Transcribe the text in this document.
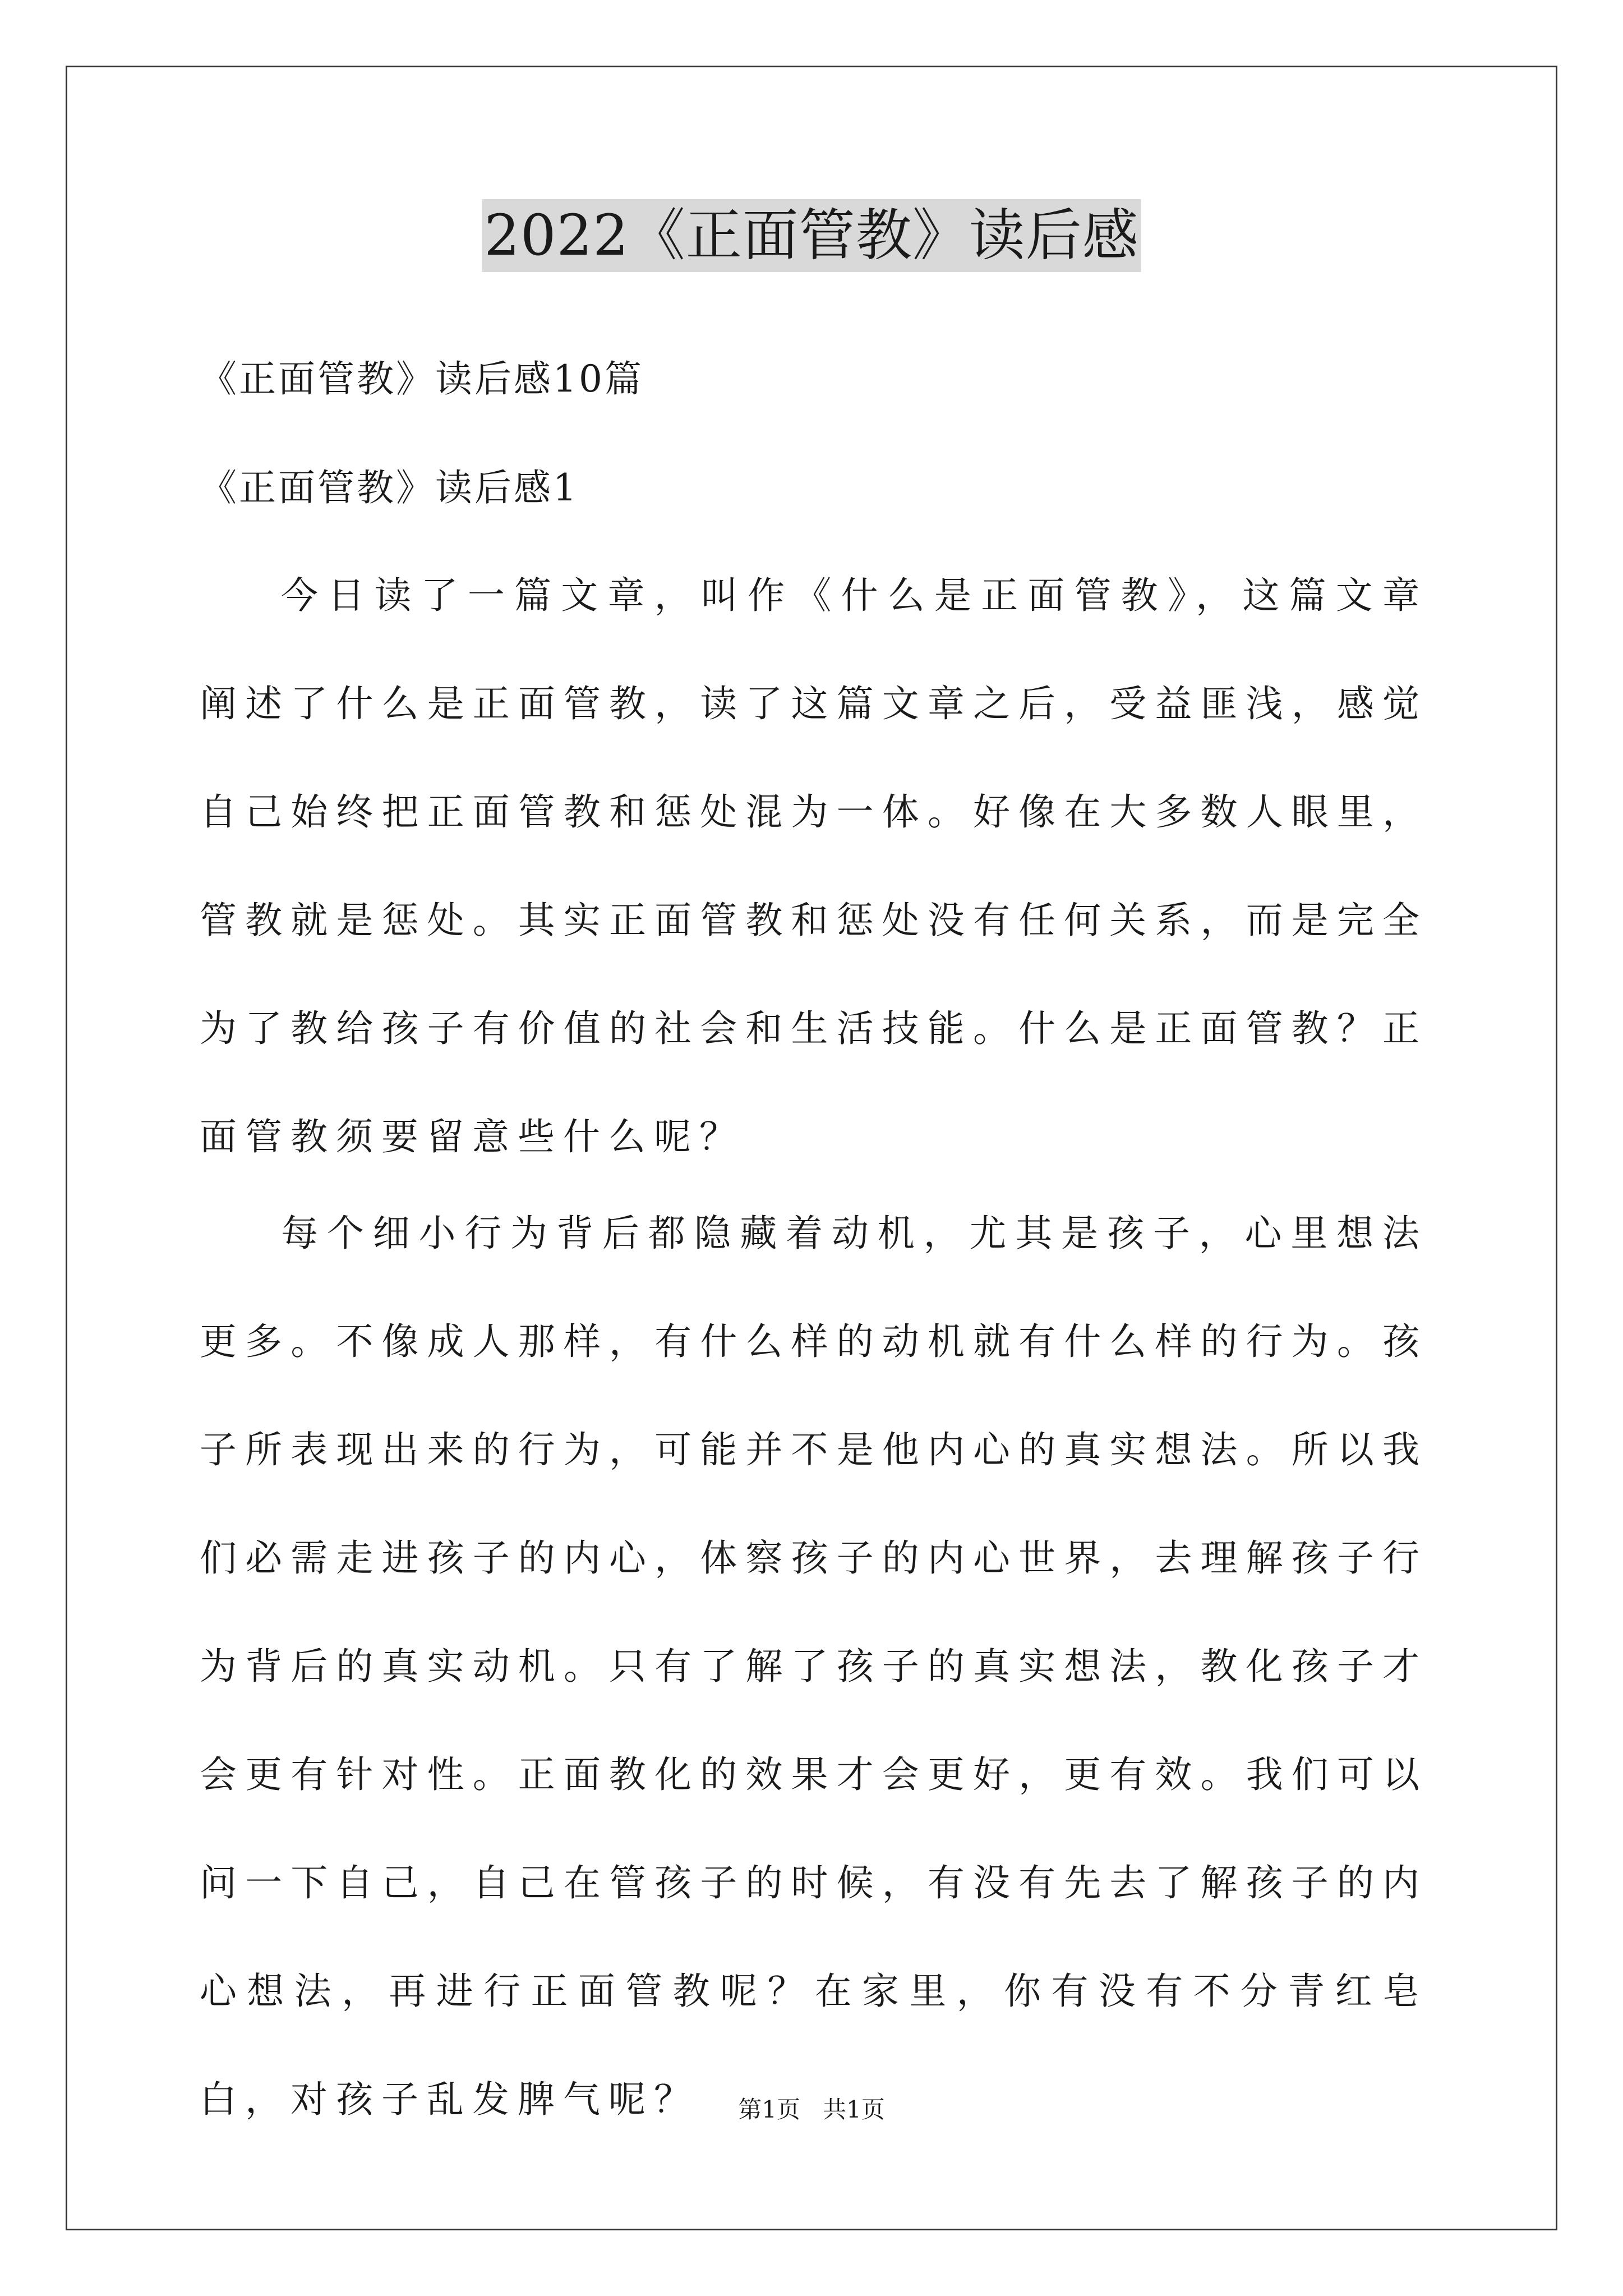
2022《正面管教》读后感
《正面管教》读后感10篇
《正面管教》读后感1

今日读了一篇文章，叫作《什么是正面管教》，这篇文章阐述了什么是正面管教，读了这篇文章之后，受益匪浅，感觉自己始终把正面管教和惩处混为一体。好像在大多数人眼里，管教就是惩处。其实正面管教和惩处没有任何关系，而是完全为了教给孩子有价值的社会和生活技能。什么是正面管教？正面管教须要留意些什么呢？

每个细小行为背后都隐藏着动机，尤其是孩子，心里想法更多。不像成人那样，有什么样的动机就有什么样的行为。孩子所表现出来的行为，可能并不是他内心的真实想法。所以我们必需走进孩子的内心，体察孩子的内心世界，去理解孩子行为背后的真实动机。只有了解了孩子的真实想法，教化孩子才会更有针对性。正面教化的效果才会更好，更有效。我们可以问一下自己，自己在管孩子的时候，有没有先去了解孩子的内心想法，再进行正面管教呢？在家里，你有没有不分青红皂白，对孩子乱发脾气呢？	第1页   共1页
